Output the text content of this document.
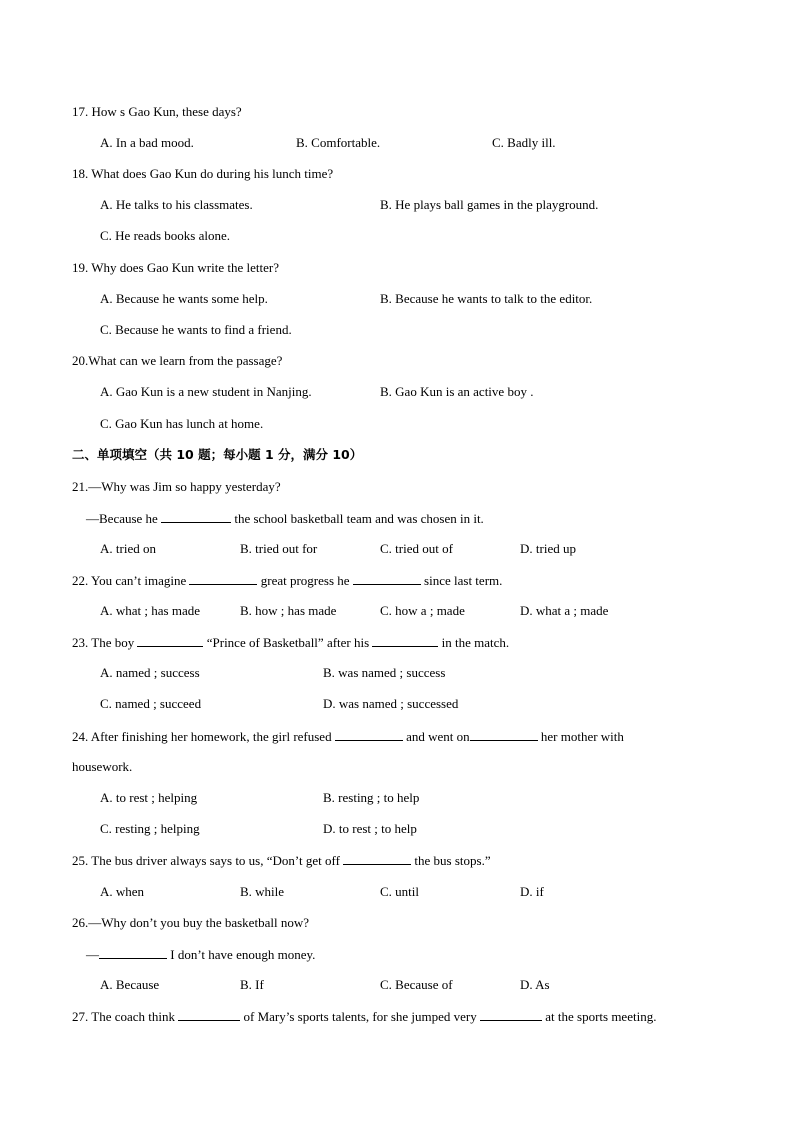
17. How s Gao Kun, these days?
A. In a bad mood.	B. Comfortable.	C. Badly ill.
18. What does Gao Kun do during his lunch time?
A. He talks to his classmates.	B. He plays ball games in the playground.
C. He reads books alone.
19. Why does Gao Kun write the letter?
A. Because he wants some help.	B. Because he wants to talk to the editor.
C. Because he wants to find a friend.
20.What can we learn from the passage?
A. Gao Kun is a new student in Nanjing.	B. Gao Kun is an active boy .
C. Gao Kun has lunch at home.
二、单项填空（共 10 题；每小题 1 分，满分 10）
21.—Why was Jim so happy yesterday?
—Because he	the school basketball team and was chosen in it.
A. tried on	B. tried out for	C. tried out of	D. tried up
22. You can’t imagine	great progress he	since last term.
A. what ; has made	B. how ; has made	C. how a ; made	D. what a ; made
23. The boy	“Prince of Basketball” after his	in the match.
A. named ; success	B. was named ; success
C. named ; succeed	D. was named ; successed
24. After finishing her homework, the girl refused	and went on	her mother with
housework.
A. to rest ; helping	B. resting ; to help
C. resting ; helping	D. to rest ; to help
25. The bus driver always says to us, “Don’t get off	the bus stops.”
A. when	B. while	C. until	D. if
26.—Why don’t you buy the basketball now?
—	I don’t have enough money.
A. Because	B. If	C. Because of	D. As
27. The coach think	of Mary’s sports talents, for she jumped very	at the sports meeting.
